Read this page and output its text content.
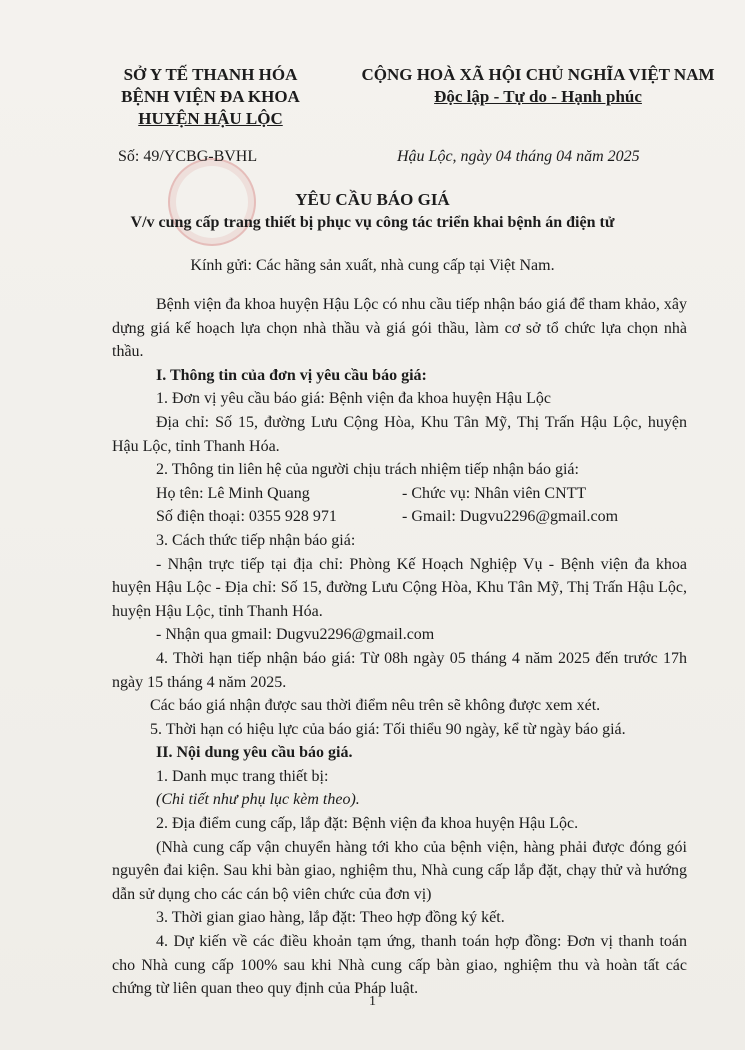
SỞ Y TẾ THANH HÓA
BỆNH VIỆN ĐA KHOA
HUYỆN HẬU LỘC
CỘNG HOÀ XÃ HỘI CHỦ NGHĨA VIỆT NAM
Độc lập - Tự do - Hạnh phúc
Số: 49/YCBG-BVHL	Hậu Lộc, ngày 04 tháng 04 năm 2025
YÊU CẦU BÁO GIÁ
V/v cung cấp trang thiết bị phục vụ công tác triển khai bệnh án điện tử
Kính gửi: Các hãng sản xuất, nhà cung cấp tại Việt Nam.

Bệnh viện đa khoa huyện Hậu Lộc có nhu cầu tiếp nhận báo giá để tham khảo, xây dựng giá kế hoạch lựa chọn nhà thầu và giá gói thầu, làm cơ sở tổ chức lựa chọn nhà thầu.

I. Thông tin của đơn vị yêu cầu báo giá:

1. Đơn vị yêu cầu báo giá: Bệnh viện đa khoa huyện Hậu Lộc

Địa chỉ: Số 15, đường Lưu Cộng Hòa, Khu Tân Mỹ, Thị Trấn Hậu Lộc, huyện Hậu Lộc, tỉnh Thanh Hóa.

2. Thông tin liên hệ của người chịu trách nhiệm tiếp nhận báo giá:

Họ tên: Lê Minh Quang	- Chức vụ: Nhân viên CNTT
Số điện thoại: 0355 928 971	- Gmail: Dugvu2296@gmail.com

3. Cách thức tiếp nhận báo giá:

- Nhận trực tiếp tại địa chỉ: Phòng Kế Hoạch Nghiệp Vụ - Bệnh viện đa khoa huyện Hậu Lộc - Địa chỉ: Số 15, đường Lưu Cộng Hòa, Khu Tân Mỹ, Thị Trấn Hậu Lộc, huyện Hậu Lộc, tỉnh Thanh Hóa.

- Nhận qua gmail: Dugvu2296@gmail.com

4. Thời hạn tiếp nhận báo giá: Từ 08h ngày 05 tháng 4 năm 2025 đến trước 17h ngày 15 tháng 4 năm 2025.

Các báo giá nhận được sau thời điểm nêu trên sẽ không được xem xét.

5. Thời hạn có hiệu lực của báo giá: Tối thiểu 90 ngày, kể từ ngày báo giá.

II. Nội dung yêu cầu báo giá.

1. Danh mục trang thiết bị:

(Chi tiết như phụ lục kèm theo).

2. Địa điểm cung cấp, lắp đặt: Bệnh viện đa khoa huyện Hậu Lộc.

(Nhà cung cấp vận chuyển hàng tới kho của bệnh viện, hàng phải được đóng gói nguyên đai kiện. Sau khi bàn giao, nghiệm thu, Nhà cung cấp lắp đặt, chạy thử và hướng dẫn sử dụng cho các cán bộ viên chức của đơn vị)

3. Thời gian giao hàng, lắp đặt: Theo hợp đồng ký kết.

4. Dự kiến về các điều khoản tạm ứng, thanh toán hợp đồng: Đơn vị thanh toán cho Nhà cung cấp 100% sau khi Nhà cung cấp bàn giao, nghiệm thu và hoàn tất các chứng từ liên quan theo quy định của Pháp luật.

1
